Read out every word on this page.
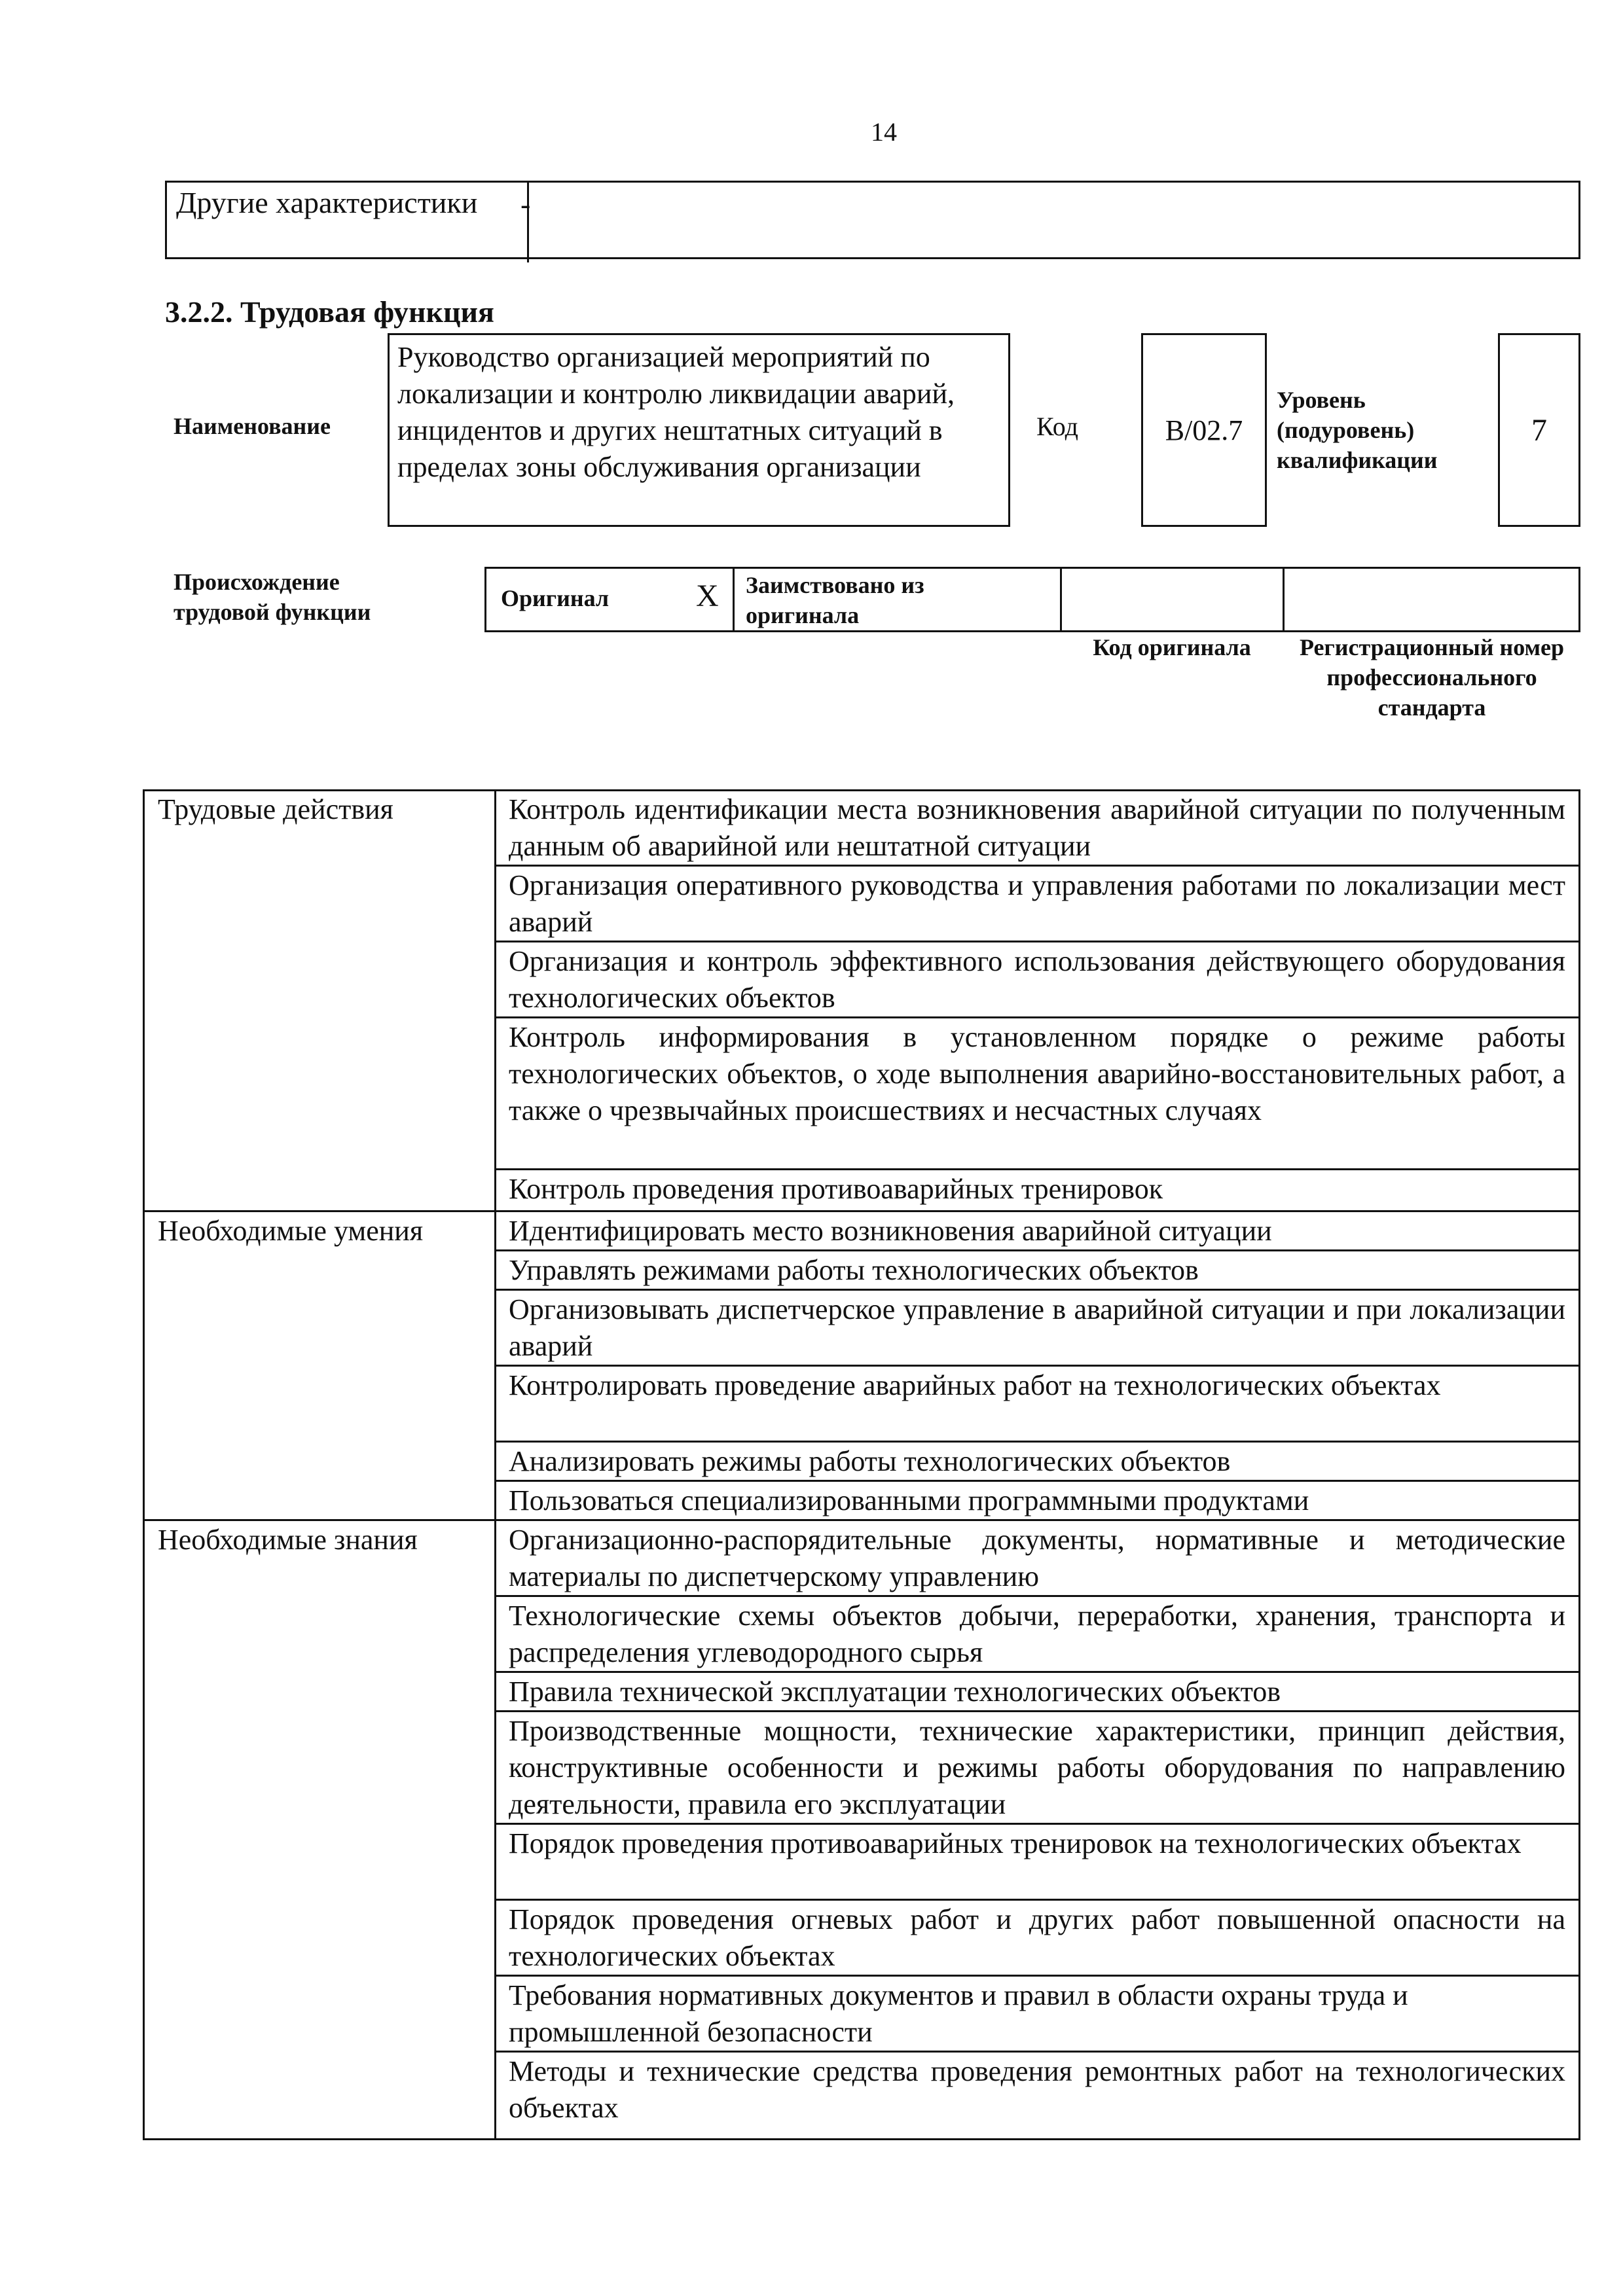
14
Другие характеристики	-
3.2.2. Трудовая функция
Наименование
Руководство организацией мероприятий по локализации и контролю ликвидации аварий, инцидентов и других нештатных ситуаций в пределах зоны обслуживания организации
Код	B/02.7
Уровень (подуровень) квалификации
7
Происхождение трудовой функции
Оригинал	X Заимствовано из оригинала
Код оригинала	Регистрационный номер профессионального стандарта
Трудовые действия	Контроль идентификации места возникновения аварийной ситуации по полученным данным об аварийной или нештатной ситуации
Организация оперативного руководства и управления работами по локализации мест аварий
Организация и контроль эффективного использования действующего оборудования технологических объектов
Контроль информирования в установленном порядке о режиме работы технологических объектов, о ходе выполнения аварийно-восстановительных работ, а также о чрезвычайных происшествиях и несчастных случаях
Контроль проведения противоаварийных тренировок
Необходимые умения	Идентифицировать место возникновения аварийной ситуации
Управлять режимами работы технологических объектов
Организовывать диспетчерское управление в аварийной ситуации и при локализации аварий
Контролировать проведение аварийных работ на технологических объектах
Анализировать режимы работы технологических объектов
Пользоваться специализированными программными продуктами
Необходимые знания	Организационно-распорядительные документы, нормативные и методические материалы по диспетчерскому управлению
Технологические схемы объектов добычи, переработки, хранения, транспорта и распределения углеводородного сырья
Правила технической эксплуатации технологических объектов
Производственные мощности, технические характеристики, принцип действия, конструктивные особенности и режимы работы оборудования по направлению деятельности, правила его эксплуатации
Порядок проведения противоаварийных тренировок на технологических объектах
Порядок проведения огневых работ и других работ повышенной опасности на технологических объектах
Требования нормативных документов и правил в области охраны труда и промышленной безопасности
Методы и технические средства проведения ремонтных работ на технологических объектах
